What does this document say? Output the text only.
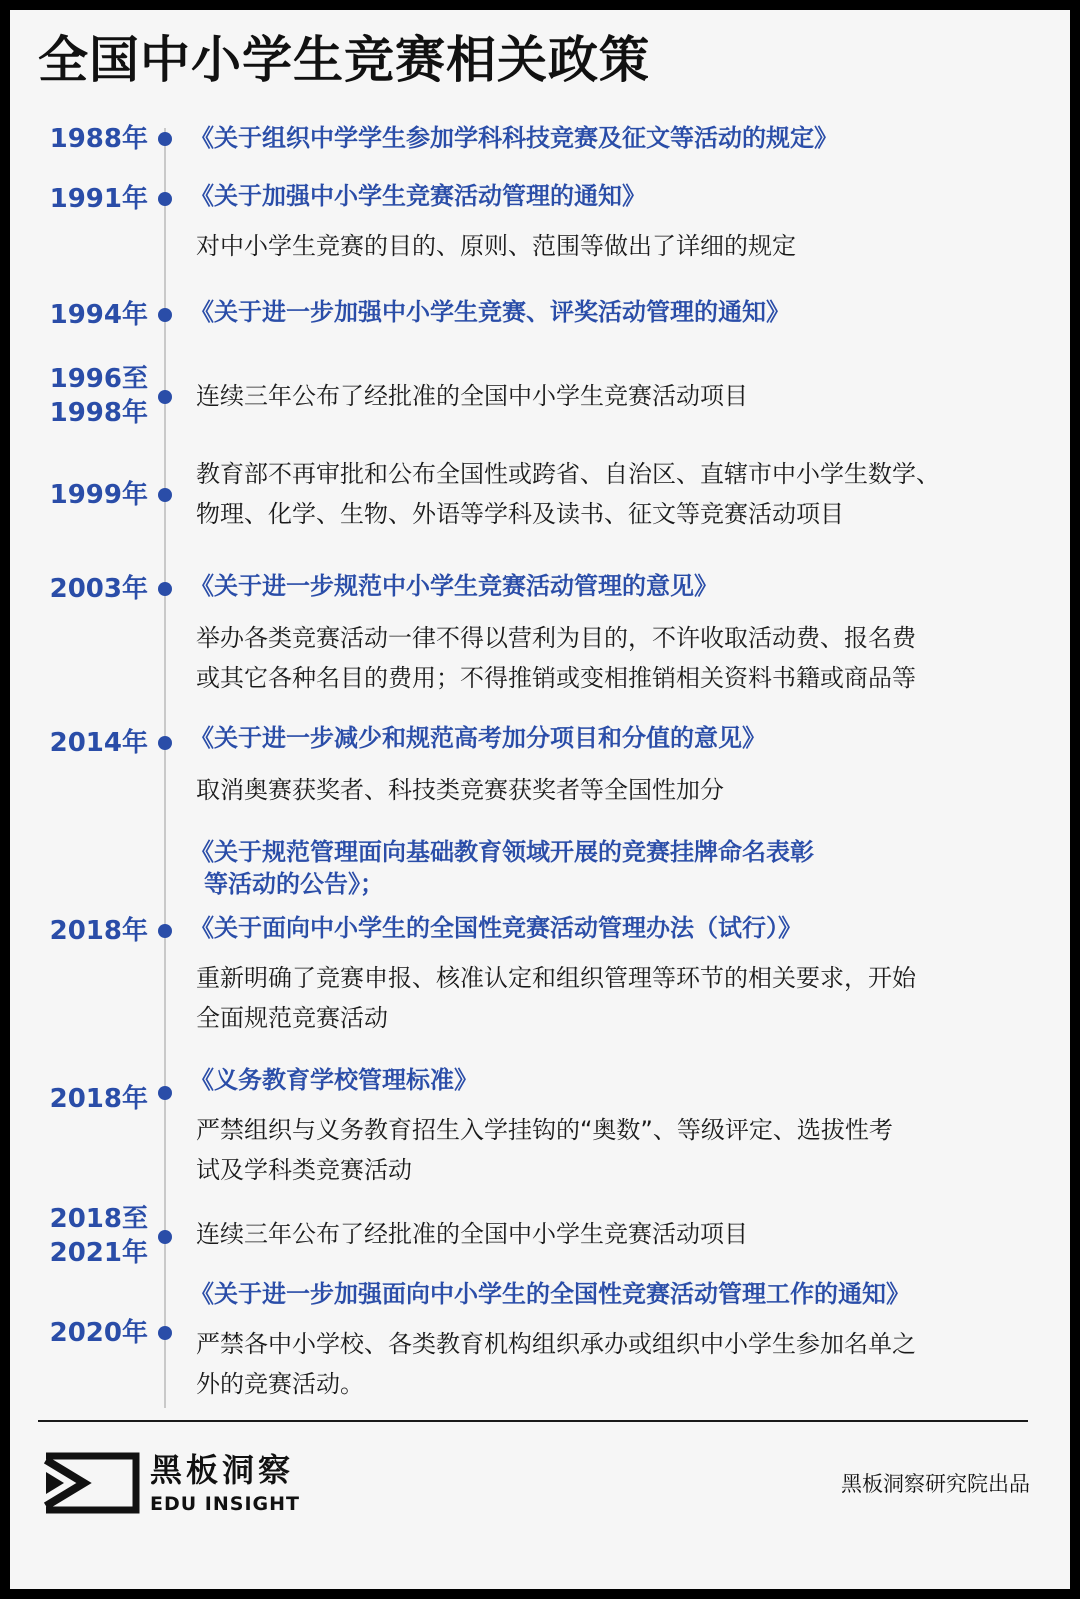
全国中小学生竞赛相关政策
1988年 《关于组织中学学生参加学科科技竞赛及征文等活动的规定》
1991年 《关于加强中小学生竞赛活动管理的通知》
对中小学生竞赛的目的、原则、范围等做出了详细的规定
1994年 《关于进一步加强中小学生竞赛、评奖活动管理的通知》
1996至
1998年
连续三年公布了经批准的全国中小学生竞赛活动项目
1999年
教育部不再审批和公布全国性或跨省、自治区、直辖市中小学生数学、
物理、化学、生物、外语等学科及读书、征文等竞赛活动项目
2003年 《关于进一步规范中小学生竞赛活动管理的意见》
举办各类竞赛活动一律不得以营利为目的，不许收取活动费、报名费
或其它各种名目的费用；不得推销或变相推销相关资料书籍或商品等
2014年 《关于进一步减少和规范高考加分项目和分值的意见》
取消奥赛获奖者、科技类竞赛获奖者等全国性加分
《关于规范管理面向基础教育领域开展的竞赛挂牌命名表彰
等活动的公告》；
2018年 《关于面向中小学生的全国性竞赛活动管理办法（试行）》
重新明确了竞赛申报、核准认定和组织管理等环节的相关要求，开始
全面规范竞赛活动
2018年
《义务教育学校管理标准》
严禁组织与义务教育招生入学挂钩的“奥数”、等级评定、选拔性考
试及学科类竞赛活动
2018至
2021年
连续三年公布了经批准的全国中小学生竞赛活动项目
2020年
《关于进一步加强面向中小学生的全国性竞赛活动管理工作的通知》
严禁各中小学校、各类教育机构组织承办或组织中小学生参加名单之
外的竞赛活动。
黑板洞察
EDU INSIGHT
黑板洞察研究院出品
